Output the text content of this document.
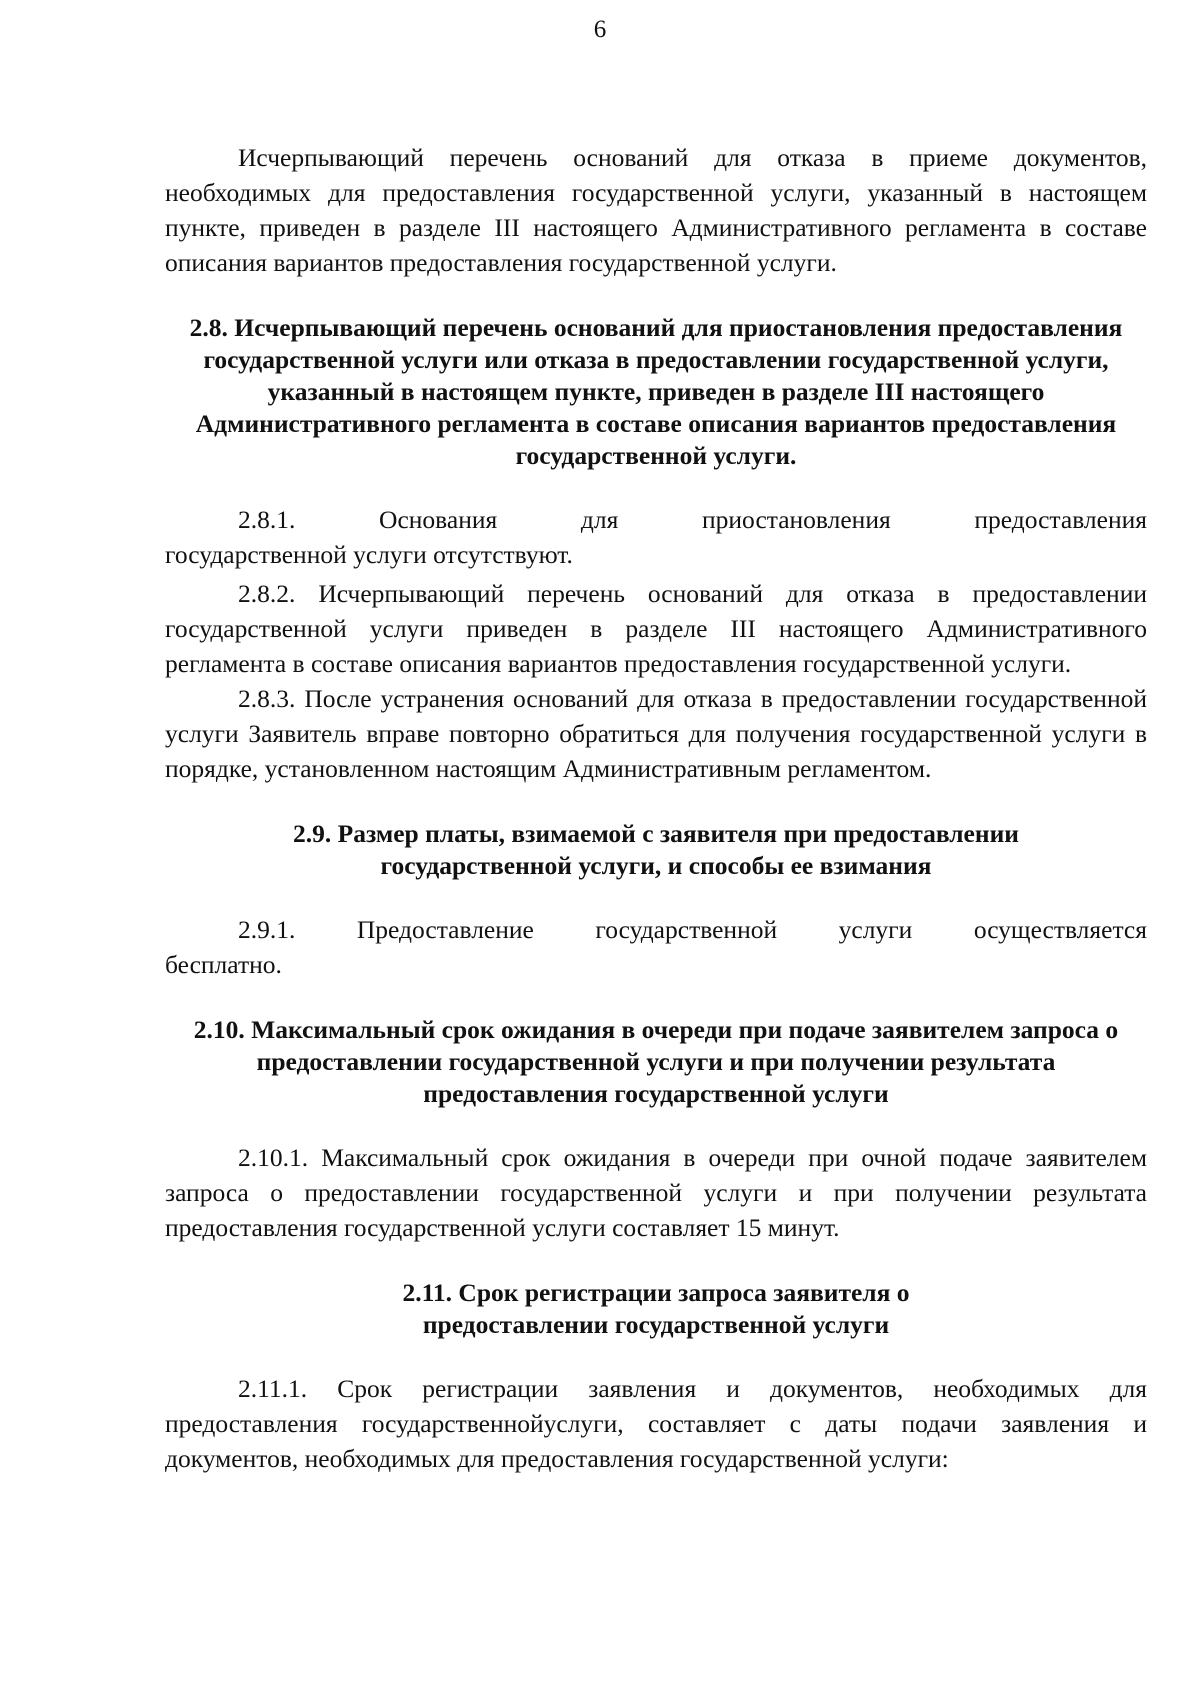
6

Исчерпывающий перечень оснований для отказа в приеме документов, необходимых для предоставления государственной услуги, указанный в настоящем пункте, приведен в разделе III настоящего Административного регламента в составе описания вариантов предоставления государственной услуги.

2.8. Исчерпывающий перечень оснований для приостановления предоставления государственной услуги или отказа в предоставлении государственной услуги, указанный в настоящем пункте, приведен в разделе III настоящего Административного регламента в составе описания вариантов предоставления государственной услуги.
2.8.1.	Основания	для	приостановления	предоставления

государственной услуги отсутствуют.

2.8.2. Исчерпывающий перечень оснований для отказа в предоставлении государственной услуги приведен в разделе III настоящего Административного регламента в составе описания вариантов предоставления государственной услуги.

2.8.3. После устранения оснований для отказа в предоставлении государственной услуги Заявитель вправе повторно обратиться для получения государственной услуги в порядке, установленном настоящим Административным регламентом.

2.9. Размер платы, взимаемой с заявителя при предоставлении государственной услуги, и способы ее взимания
2.9.1. Предоставление государственной услуги осуществляется

бесплатно.

2.10. Максимальный срок ожидания в очереди при подаче заявителем запроса о предоставлении государственной услуги и при получении результата предоставления государственной услуги

2.10.1. Максимальный срок ожидания в очереди при очной подаче заявителем запроса о предоставлении государственной услуги и при получении результата предоставления государственной услуги составляет 15 минут.

2.11. Срок регистрации запроса заявителя о предоставлении государственной услуги

2.11.1. Срок регистрации заявления и документов, необходимых для предоставления государственнойуслуги, составляет с даты подачи заявления и документов, необходимых для предоставления государственной услуги:
